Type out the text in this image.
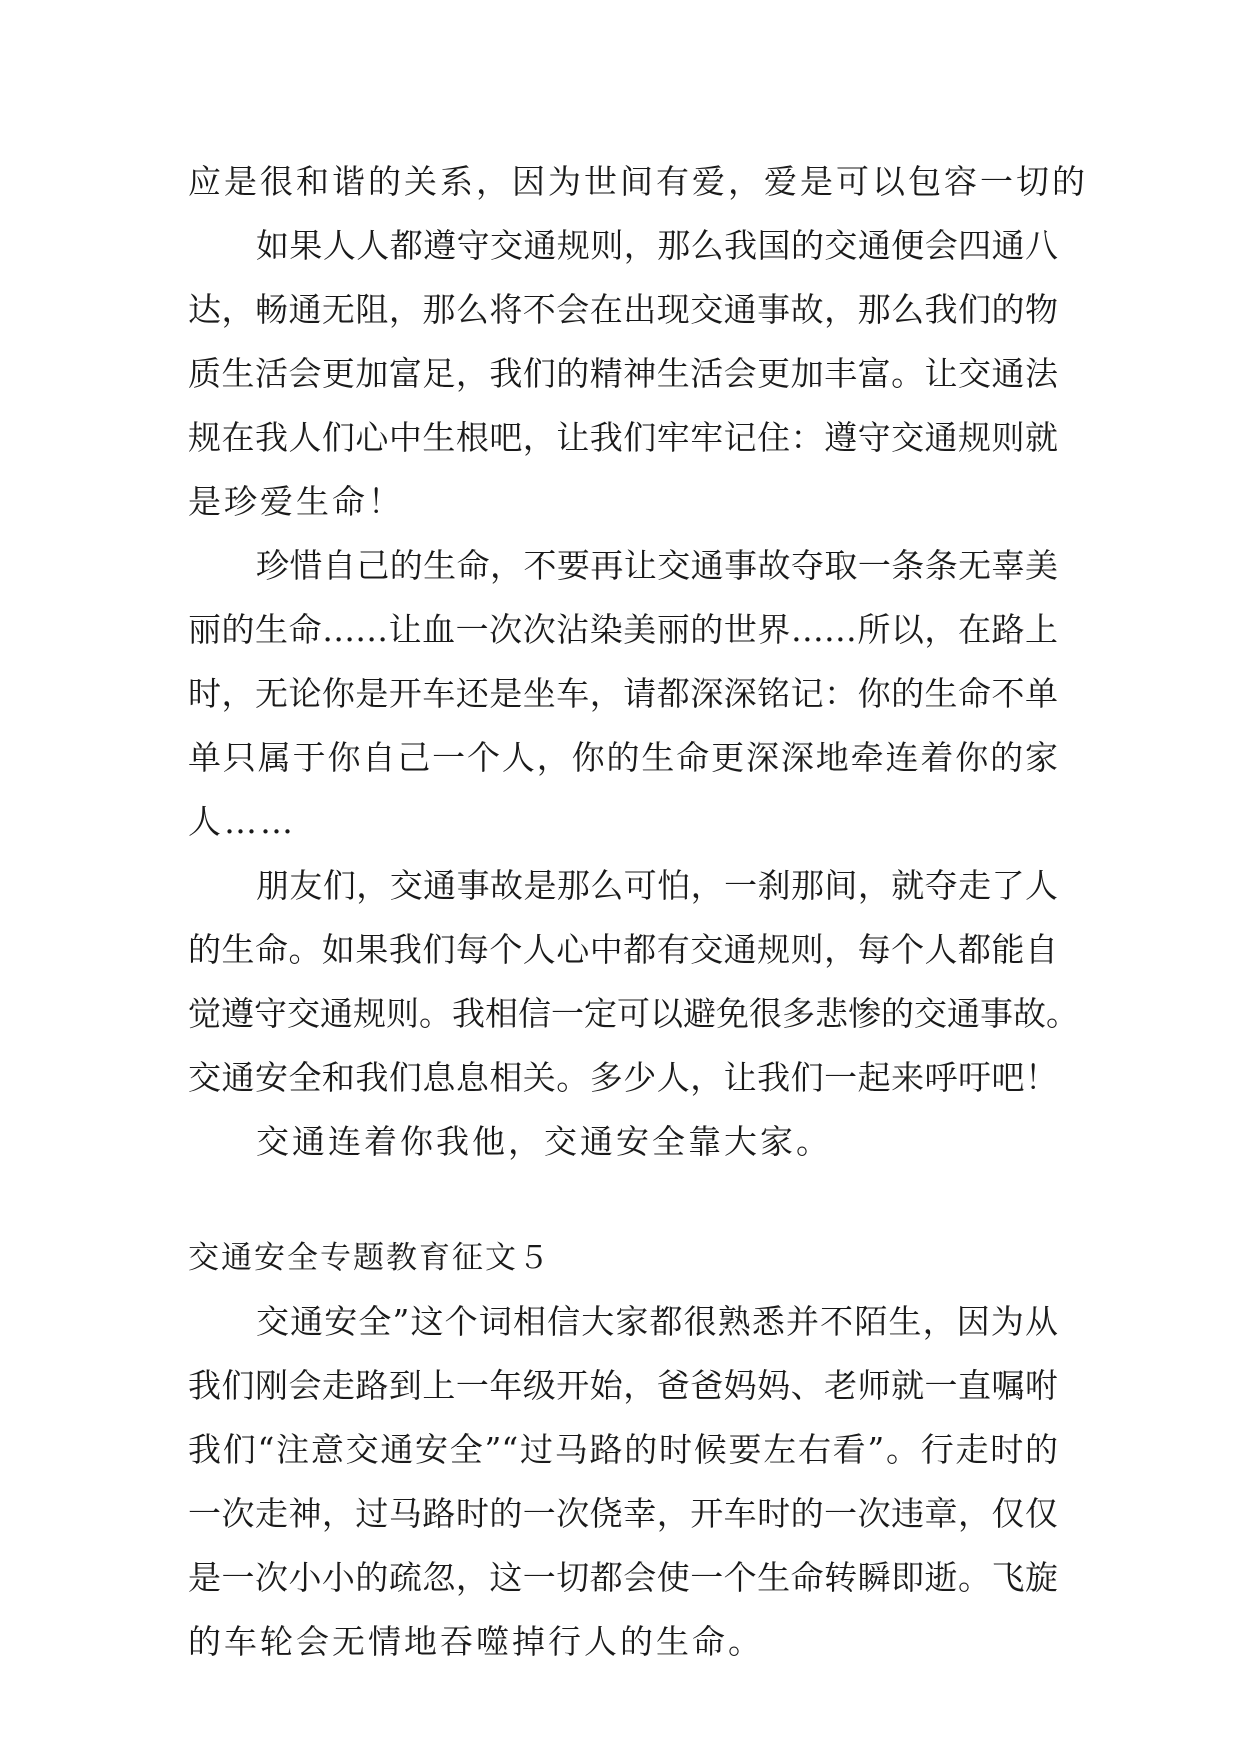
应是很和谐的关系，因为世间有爱，爱是可以包容一切的
如果人人都遵守交通规则，那么我国的交通便会四通八
达，畅通无阻，那么将不会在出现交通事故，那么我们的物
质生活会更加富足，我们的精神生活会更加丰富。让交通法
规在我人们心中生根吧，让我们牢牢记住：遵守交通规则就
是珍爱生命！
珍惜自己的生命，不要再让交通事故夺取一条条无辜美
丽的生命……让血一次次沾染美丽的世界……所以，在路上
时，无论你是开车还是坐车，请都深深铭记：你的生命不单
单只属于你自己一个人，你的生命更深深地牵连着你的家
人……
朋友们，交通事故是那么可怕，一刹那间，就夺走了人
的生命。如果我们每个人心中都有交通规则，每个人都能自
觉遵守交通规则。我相信一定可以避免很多悲惨的交通事故。
交通安全和我们息息相关。多少人，让我们一起来呼吁吧！
交通连着你我他，交通安全靠大家。
交通安全专题教育征文５
交通安全”这个词相信大家都很熟悉并不陌生，因为从
我们刚会走路到上一年级开始，爸爸妈妈、老师就一直嘱咐
我们“注意交通安全”“过马路的时候要左右看”。行走时的
一次走神，过马路时的一次侥幸，开车时的一次违章，仅仅
是一次小小的疏忽，这一切都会使一个生命转瞬即逝。飞旋
的车轮会无情地吞噬掉行人的生命。
